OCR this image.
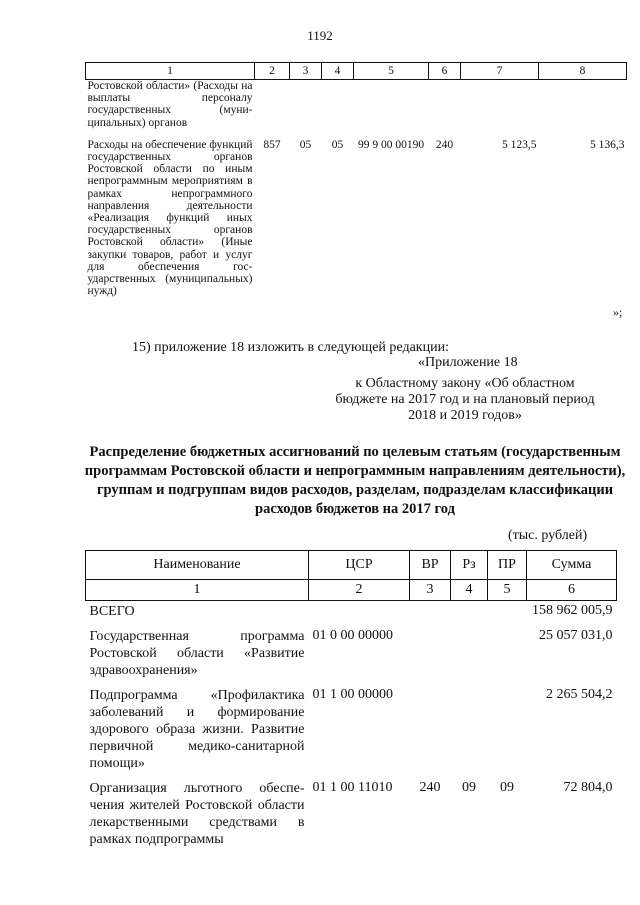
1192
1	2	3	4	5	6	7	8
Ростовской области» (Расходы на выплаты персоналу государственных (муниципальных) органов							
Расходы на обеспечение функций государственных органов Ростовской области по иным непрограммным мероприятиям в рамках непрограммного направления деятельности «Реализация функций иных государственных органов Ростовской области» (Иные закупки товаров, работ и услуг для обеспечения государственных (муниципальных) нужд)	857	05	05	99 9 00 00190	240	5 123,5	5 136,3
»;
15) приложение 18 изложить в следующей редакции:
«Приложение 18
к Областному закону «Об областном бюджете на 2017 год и на плановый период 2018 и 2019 годов»
Распределение бюджетных ассигнований по целевым статьям (государственным программам Ростовской области и непрограммным направлениям деятельности), группам и подгруппам видов расходов, разделам, подразделам классификации расходов бюджетов на 2017 год
(тыс. рублей)
Наименование	ЦСР	ВР	Рз	ПР	Сумма
1	2	3	4	5	6
ВСЕГО					158 962 005,9
Государственная программа Ростовской области «Развитие здравоохранения»	01 0 00 00000				25 057 031,0
Подпрограмма «Профилактика заболеваний и формирование здорового образа жизни. Развитие первичной медико-санитарной помощи»	01 1 00 00000				2 265 504,2
Организация льготного обеспечения жителей Ростовской области лекарственными средствами в рамках подпрограммы	01 1 00 11010	240	09	09	72 804,0
